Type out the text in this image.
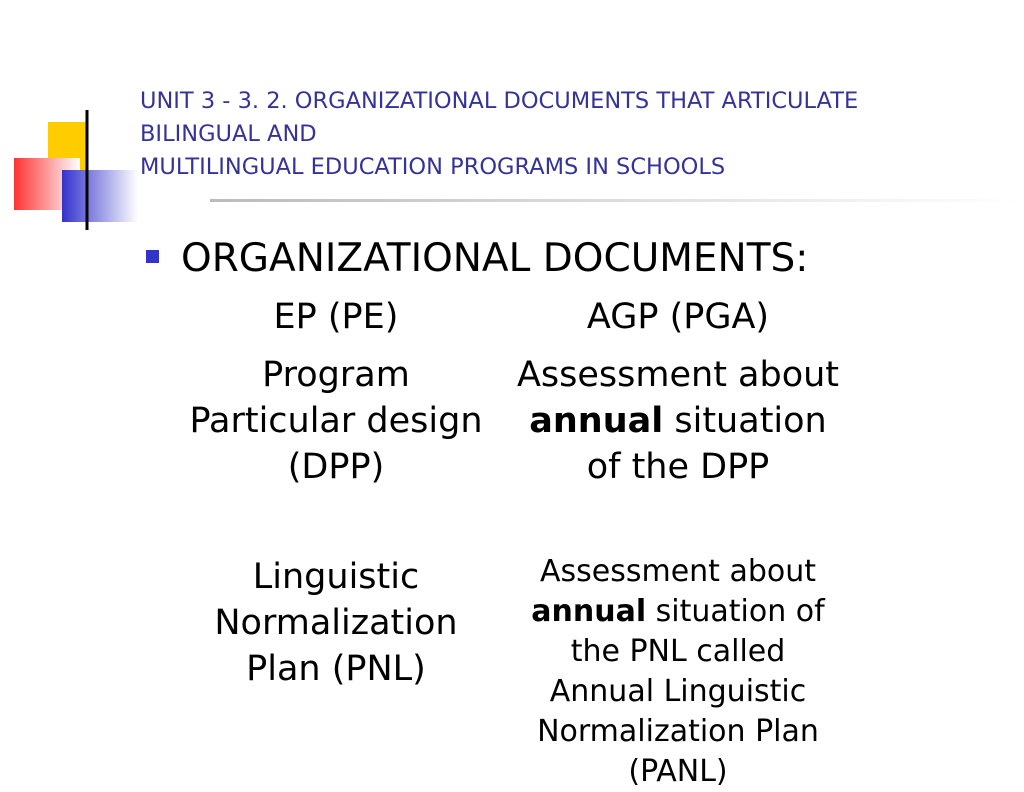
UNIT 3 - 3. 2. ORGANIZATIONAL DOCUMENTS THAT ARTICULATE
BILINGUAL AND
MULTILINGUAL EDUCATION PROGRAMS IN SCHOOLS
ORGANIZATIONAL DOCUMENTS:
EP (PE)	AGP (PGA)
Program
Particular design
(DPP)
Assessment about
annual situation
of the DPP
Linguistic
Normalization
Plan (PNL)
Assessment about
annual situation of
the PNL called
Annual Linguistic
Normalization Plan
(PANL)
